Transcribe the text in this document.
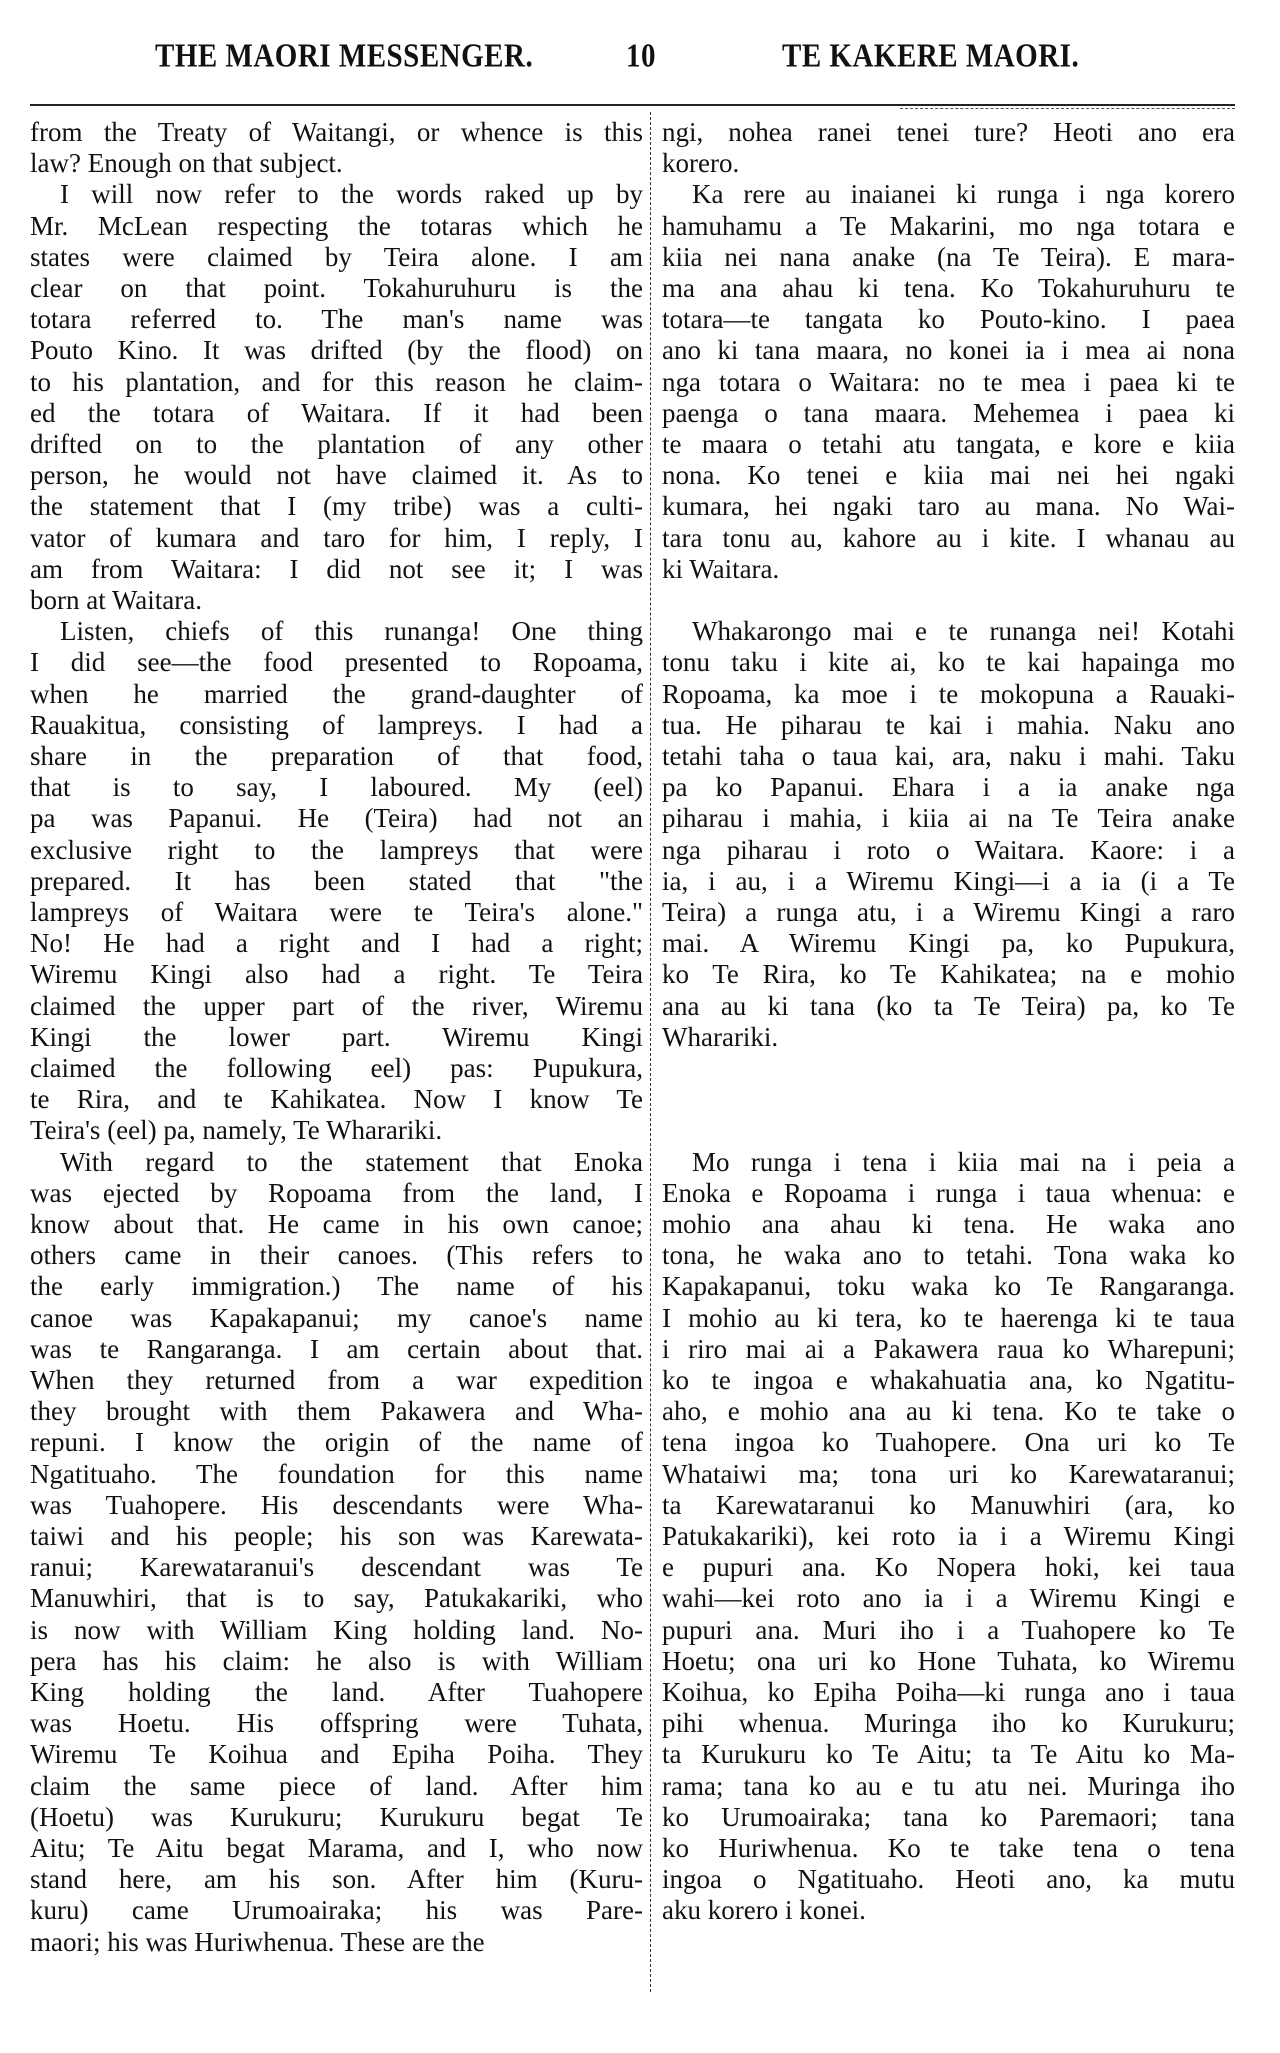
THE MAORI MESSENGER.	10	TE KAKERE MAORI.
from the Treaty of Waitangi, or whence is this
law? Enough on that subject.
I will now refer to the words raked up by
Mr. McLean respecting the totaras which he
states were claimed by Teira alone. I am
clear on that point. Tokahuruhuru is the
totara referred to. The man's name was
Pouto Kino. It was drifted (by the flood) on
to his plantation, and for this reason he claim-
ed the totara of Waitara. If it had been
drifted on to the plantation of any other
person, he would not have claimed it. As to
the statement that I (my tribe) was a culti-
vator of kumara and taro for him, I reply, I
am from Waitara: I did not see it; I was
born at Waitara.
Listen, chiefs of this runanga! One thing
I did see—the food presented to Ropoama,
when he married the grand-daughter of
Rauakitua, consisting of lampreys. I had a
share in the preparation of that food,
that is to say, I laboured. My (eel)
pa was Papanui. He (Teira) had not an
exclusive right to the lampreys that were
prepared. It has been stated that "the
lampreys of Waitara were te Teira's alone."
No! He had a right and I had a right;
Wiremu Kingi also had a right. Te Teira
claimed the upper part of the river, Wiremu
Kingi the lower part. Wiremu Kingi
claimed the following eel) pas: Pupukura,
te Rira, and te Kahikatea. Now I know Te
Teira's (eel) pa, namely, Te Wharariki.
With regard to the statement that Enoka
was ejected by Ropoama from the land, I
know about that. He came in his own canoe;
others came in their canoes. (This refers to
the early immigration.) The name of his
canoe was Kapakapanui; my canoe's name
was te Rangaranga. I am certain about that.
When they returned from a war expedition
they brought with them Pakawera and Wha-
repuni. I know the origin of the name of
Ngatituaho. The foundation for this name
was Tuahopere. His descendants were Wha-
taiwi and his people; his son was Karewata-
ranui; Karewataranui's descendant was Te
Manuwhiri, that is to say, Patukakariki, who
is now with William King holding land. No-
pera has his claim: he also is with William
King holding the land. After Tuahopere
was Hoetu. His offspring were Tuhata,
Wiremu Te Koihua and Epiha Poiha. They
claim the same piece of land. After him
(Hoetu) was Kurukuru; Kurukuru begat Te
Aitu; Te Aitu begat Marama, and I, who now
stand here, am his son. After him (Kuru-
kuru) came Urumoairaka; his was Pare-
maori; his was Huriwhenua. These are the
ngi, nohea ranei tenei ture? Heoti ano era
korero.
Ka rere au inaianei ki runga i nga korero
hamuhamu a Te Makarini, mo nga totara e
kiia nei nana anake (na Te Teira). E mara-
ma ana ahau ki tena. Ko Tokahuruhuru te
totara—te tangata ko Pouto-kino. I paea
ano ki tana maara, no konei ia i mea ai nona
nga totara o Waitara: no te mea i paea ki te
paenga o tana maara. Mehemea i paea ki
te maara o tetahi atu tangata, e kore e kiia
nona. Ko tenei e kiia mai nei hei ngaki
kumara, hei ngaki taro au mana. No Wai-
tara tonu au, kahore au i kite. I whanau au
ki Waitara.
Whakarongo mai e te runanga nei! Kotahi
tonu taku i kite ai, ko te kai hapainga mo
Ropoama, ka moe i te mokopuna a Rauaki-
tua. He piharau te kai i mahia. Naku ano
tetahi taha o taua kai, ara, naku i mahi. Taku
pa ko Papanui. Ehara i a ia anake nga
piharau i mahia, i kiia ai na Te Teira anake
nga piharau i roto o Waitara. Kaore: i a
ia, i au, i a Wiremu Kingi—i a ia (i a Te
Teira) a runga atu, i a Wiremu Kingi a raro
mai. A Wiremu Kingi pa, ko Pupukura,
ko Te Rira, ko Te Kahikatea; na e mohio
ana au ki tana (ko ta Te Teira) pa, ko Te
Wharariki.
Mo runga i tena i kiia mai na i peia a
Enoka e Ropoama i runga i taua whenua: e
mohio ana ahau ki tena. He waka ano
tona, he waka ano to tetahi. Tona waka ko
Kapakapanui, toku waka ko Te Rangaranga.
I mohio au ki tera, ko te haerenga ki te taua
i riro mai ai a Pakawera raua ko Wharepuni;
ko te ingoa e whakahuatia ana, ko Ngatitu-
aho, e mohio ana au ki tena. Ko te take o
tena ingoa ko Tuahopere. Ona uri ko Te
Whataiwi ma; tona uri ko Karewataranui;
ta Karewataranui ko Manuwhiri (ara, ko
Patukakariki), kei roto ia i a Wiremu Kingi
e pupuri ana. Ko Nopera hoki, kei taua
wahi—kei roto ano ia i a Wiremu Kingi e
pupuri ana. Muri iho i a Tuahopere ko Te
Hoetu; ona uri ko Hone Tuhata, ko Wiremu
Koihua, ko Epiha Poiha—ki runga ano i taua
pihi whenua. Muringa iho ko Kurukuru;
ta Kurukuru ko Te Aitu; ta Te Aitu ko Ma-
rama; tana ko au e tu atu nei. Muringa iho
ko Urumoairaka; tana ko Paremaori; tana
ko Huriwhenua. Ko te take tena o tena
ingoa o Ngatituaho. Heoti ano, ka mutu
aku korero i konei.
